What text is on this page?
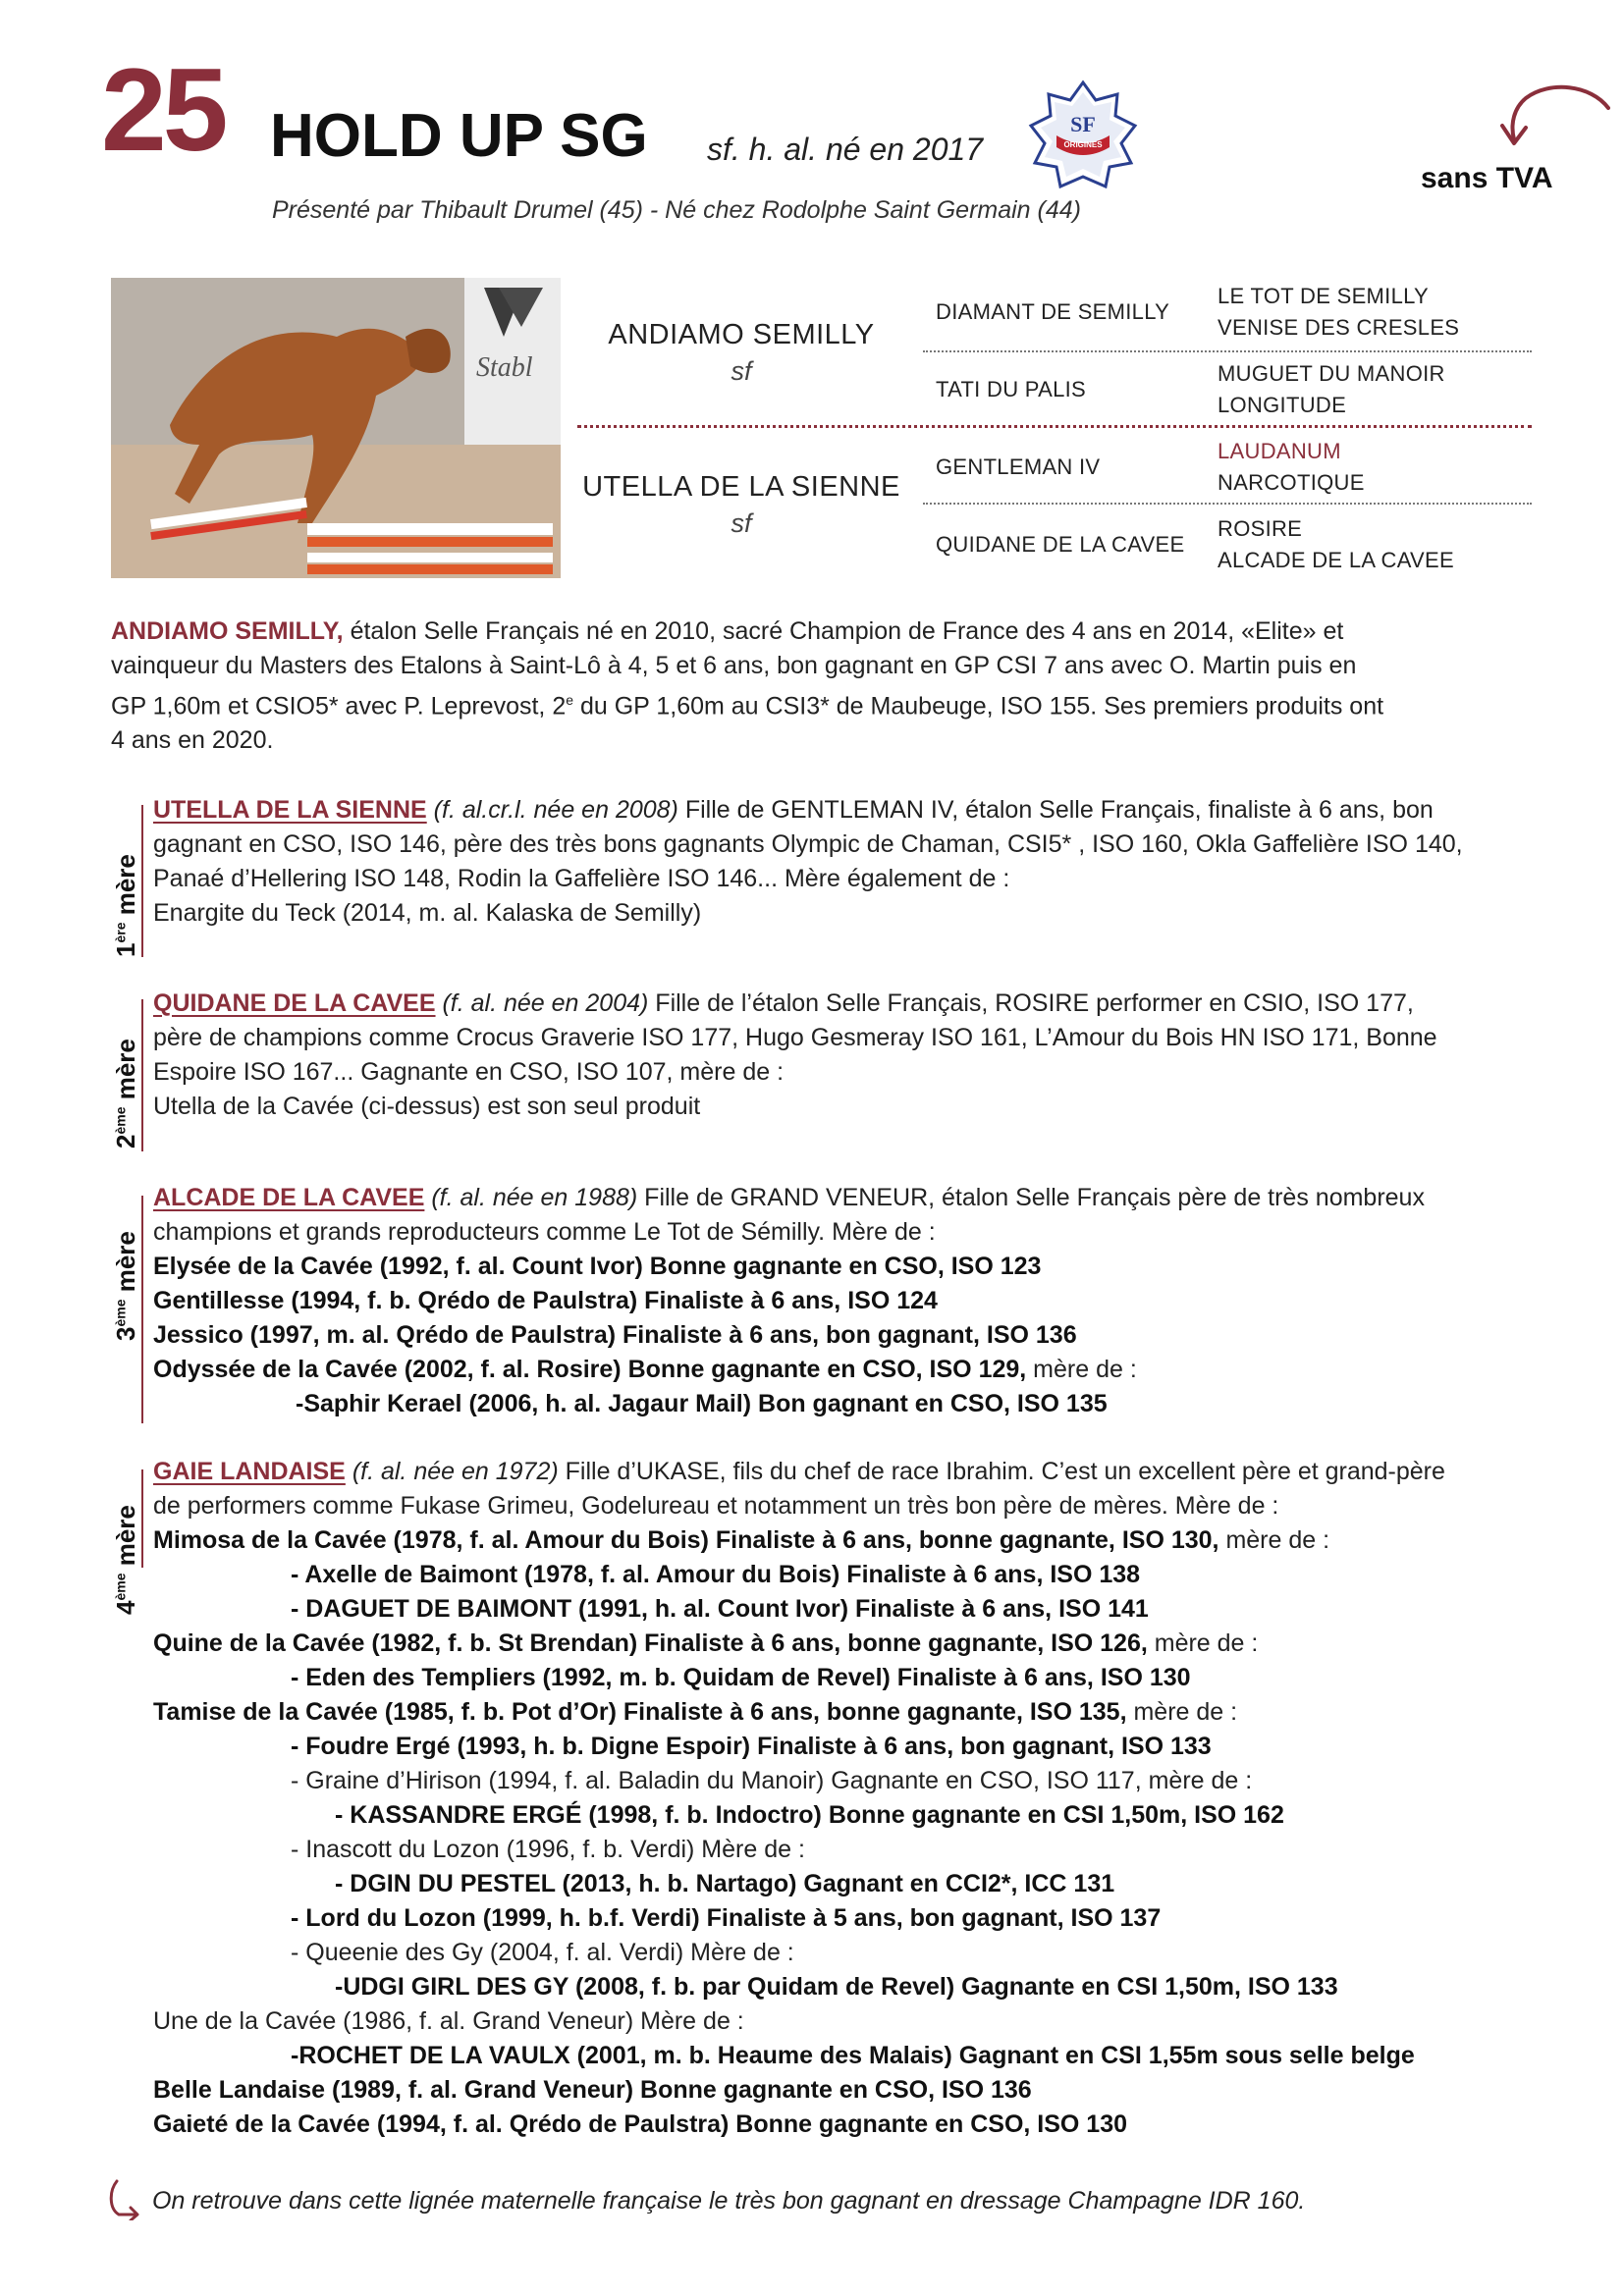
25 HOLD UP SG sf. h. al. né en 2017
Présenté par Thibault Drumel (45) - Né chez Rodolphe Saint Germain (44)
SF
ORIGINES
sans TVA
Stabl
ANDIAMO SEMILLY
sf
UTELLA DE LA SIENNE
sf
DIAMANT DE SEMILLY
TATI DU PALIS
GENTLEMAN IV
QUIDANE DE LA CAVEE
LE TOT DE SEMILLY
VENISE DES CRESLES
MUGUET DU MANOIR
LONGITUDE
LAUDANUM
NARCOTIQUE
ROSIRE
ALCADE DE LA CAVEE
ANDIAMO SEMILLY, étalon Selle Français né en 2010, sacré Champion de France des 4 ans en 2014, «Elite» et
vainqueur du Masters des Etalons à Saint-Lô à 4, 5 et 6 ans, bon gagnant en GP CSI 7 ans avec O. Martin puis en
GP 1,60m et CSIO5* avec P. Leprevost, 2e du GP 1,60m au CSI3* de Maubeuge, ISO 155. Ses premiers produits ont
4 ans en 2020.
1ère mère
UTELLA DE LA SIENNE (f. al.cr.l. née en 2008) Fille de GENTLEMAN IV, étalon Selle Français, finaliste à 6 ans, bon
gagnant en CSO, ISO 146, père des très bons gagnants Olympic de Chaman, CSI5* , ISO 160, Okla Gaffelière ISO 140,
Panaé d’Hellering ISO 148, Rodin la Gaffelière ISO 146... Mère également de :
Enargite du Teck (2014, m. al. Kalaska de Semilly)
2ème mère
QUIDANE DE LA CAVEE (f. al. née en 2004) Fille de l’étalon Selle Français, ROSIRE performer en CSIO, ISO 177,
père de champions comme Crocus Graverie ISO 177, Hugo Gesmeray ISO 161, L’Amour du Bois HN ISO 171, Bonne
Espoire ISO 167... Gagnante en CSO, ISO 107, mère de :
Utella de la Cavée (ci-dessus) est son seul produit
3ème mère
ALCADE DE LA CAVEE (f. al. née en 1988) Fille de GRAND VENEUR, étalon Selle Français père de très nombreux
champions et grands reproducteurs comme Le Tot de Sémilly. Mère de :
Elysée de la Cavée (1992, f. al. Count Ivor) Bonne gagnante en CSO, ISO 123
Gentillesse (1994, f. b. Qrédo de Paulstra) Finaliste à 6 ans, ISO 124
Jessico (1997, m. al. Qrédo de Paulstra) Finaliste à 6 ans, bon gagnant, ISO 136
Odyssée de la Cavée (2002, f. al. Rosire) Bonne gagnante en CSO, ISO 129, mère de :
-Saphir Kerael (2006, h. al. Jagaur Mail) Bon gagnant en CSO, ISO 135
4ème mère
GAIE LANDAISE (f. al. née en 1972) Fille d’UKASE, fils du chef de race Ibrahim. C’est un excellent père et grand-père
de performers comme Fukase Grimeu, Godelureau et notamment un très bon père de mères. Mère de :
Mimosa de la Cavée (1978, f. al. Amour du Bois) Finaliste à 6 ans, bonne gagnante, ISO 130, mère de :
- Axelle de Baimont (1978, f. al. Amour du Bois) Finaliste à 6 ans, ISO 138
- DAGUET DE BAIMONT (1991, h. al. Count Ivor) Finaliste à 6 ans, ISO 141
Quine de la Cavée (1982, f. b. St Brendan) Finaliste à 6 ans, bonne gagnante, ISO 126, mère de :
- Eden des Templiers (1992, m. b. Quidam de Revel) Finaliste à 6 ans, ISO 130
Tamise de la Cavée (1985, f. b. Pot d’Or) Finaliste à 6 ans, bonne gagnante, ISO 135, mère de :
- Foudre Ergé (1993, h. b. Digne Espoir) Finaliste à 6 ans, bon gagnant, ISO 133
- Graine d’Hirison (1994, f. al. Baladin du Manoir) Gagnante en CSO, ISO 117, mère de :
- KASSANDRE ERGÉ (1998, f. b. Indoctro) Bonne gagnante en CSI 1,50m, ISO 162
- Inascott du Lozon (1996, f. b. Verdi) Mère de :
- DGIN DU PESTEL (2013, h. b. Nartago) Gagnant en CCI2*, ICC 131
- Lord du Lozon (1999, h. b.f. Verdi) Finaliste à 5 ans, bon gagnant, ISO 137
- Queenie des Gy (2004, f. al. Verdi) Mère de :
-UDGI GIRL DES GY (2008, f. b. par Quidam de Revel) Gagnante en CSI 1,50m, ISO 133
Une de la Cavée (1986, f. al. Grand Veneur) Mère de :
-ROCHET DE LA VAULX (2001, m. b. Heaume des Malais) Gagnant en CSI 1,55m sous selle belge
Belle Landaise (1989, f. al. Grand Veneur) Bonne gagnante en CSO, ISO 136
Gaieté de la Cavée (1994, f. al. Qrédo de Paulstra) Bonne gagnante en CSO, ISO 130
On retrouve dans cette lignée maternelle française le très bon gagnant en dressage Champagne IDR 160.
